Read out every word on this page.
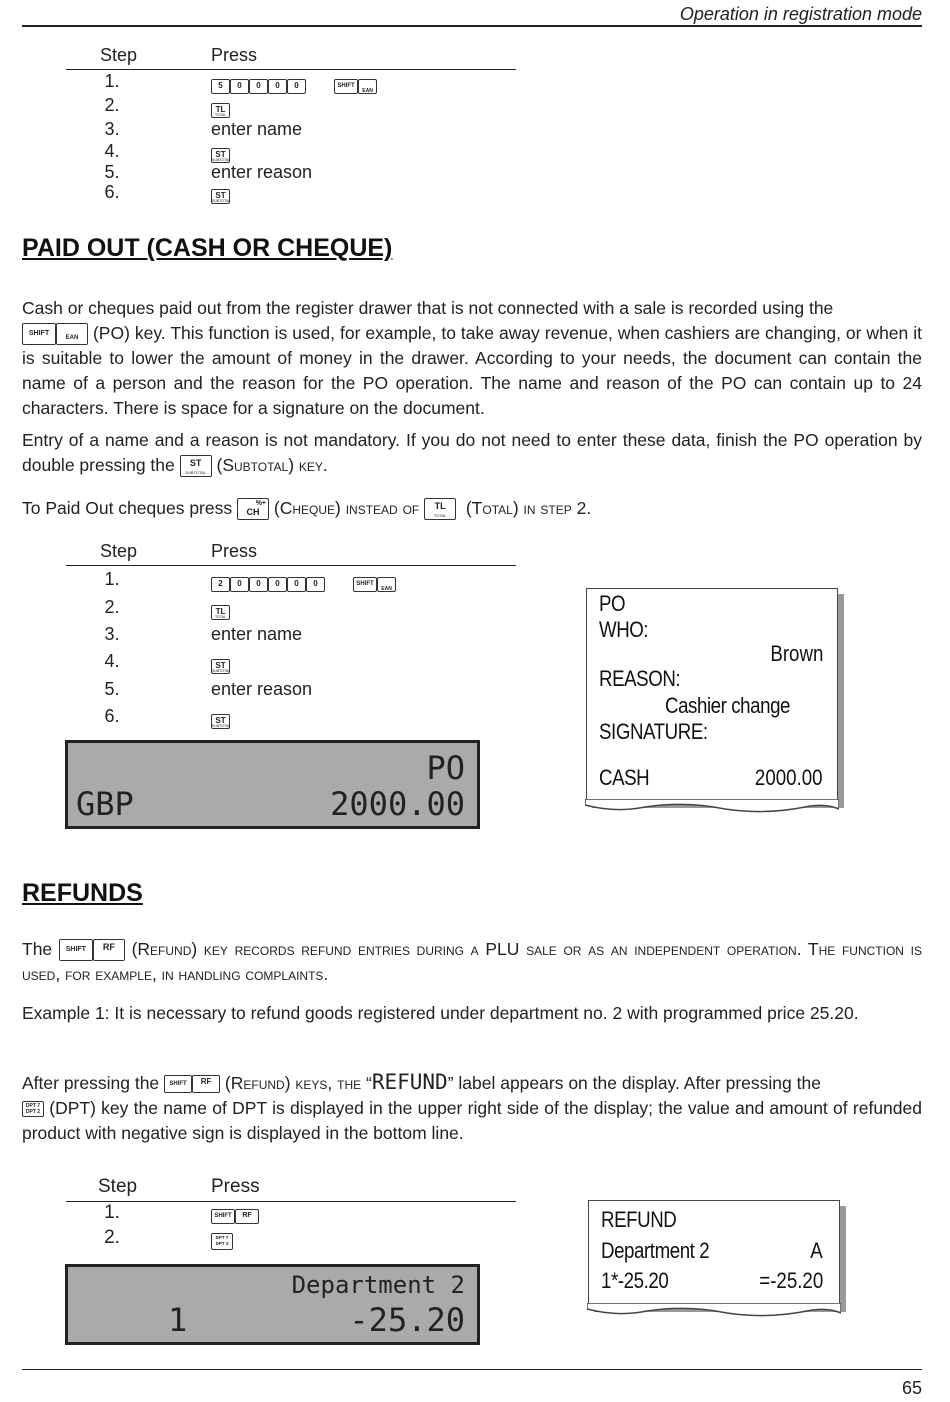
Operation in registration mode
Step	Press
1.	5 0 0 0 0	SHIFTEAN
2.	TL
TOTAL
3.	enter name
4.	ST
SUBTOTAL
5.	enter reason
6.	ST
SUBTOTAL
PAID OUT (CASH OR CHEQUE)
Cash or cheques paid out from the register drawer that is not connected with a sale is recorded using the
SHIFTEAN (PO) key. This function is used, for example, to take away revenue, when cashiers are changing, or when it is suitable to lower the amount of money in the drawer. According to your needs, the document can contain the name of a person and the reason for the PO operation. The name and reason of the PO can contain up to 24 characters. There is space for a signature on the document.
Entry of a name and a reason is not mandatory. If you do not need to enter these data, finish the PO operation by double pressing the ST
SUBTOTAL (Subtotal) key.
To Paid Out cheques press CH
%+ (Cheque) instead of TL
TOTAL	(Total) in step 2.
Step	Press
1.	2 0 0 0 0 0	SHIFTEAN
2.	TL
TOTAL
3.	enter name
4.	ST
SUBTOTAL
5.	enter reason
6.	ST
SUBTOTAL
PO
GBP	2000.00
PO
WHO:
Brown
REASON:
Cashier change
SIGNATURE:
CASH	2000.00
REFUNDS
The SHIFT RF (Refund) key records refund entries during a PLU sale or as an independent operation. The function is used, for example, in handling complaints.
Example 1: It is necessary to refund goods registered under department no. 2 with programmed price 25.20.
After pressing the SHIFT RF (Refund) keys, the “REFUND” label appears on the display. After pressing the
DPT 7
DPT 2 (DPT) key the name of DPT is displayed in the upper right side of the display; the value and amount of refunded product with negative sign is displayed in the bottom line.
Step	Press
1.	SHIFT RF
2.	DPT 7
DPT 2
Department 2
1	-25.20
REFUND
Department 2	A
1*-25.20	=-25.20
65
